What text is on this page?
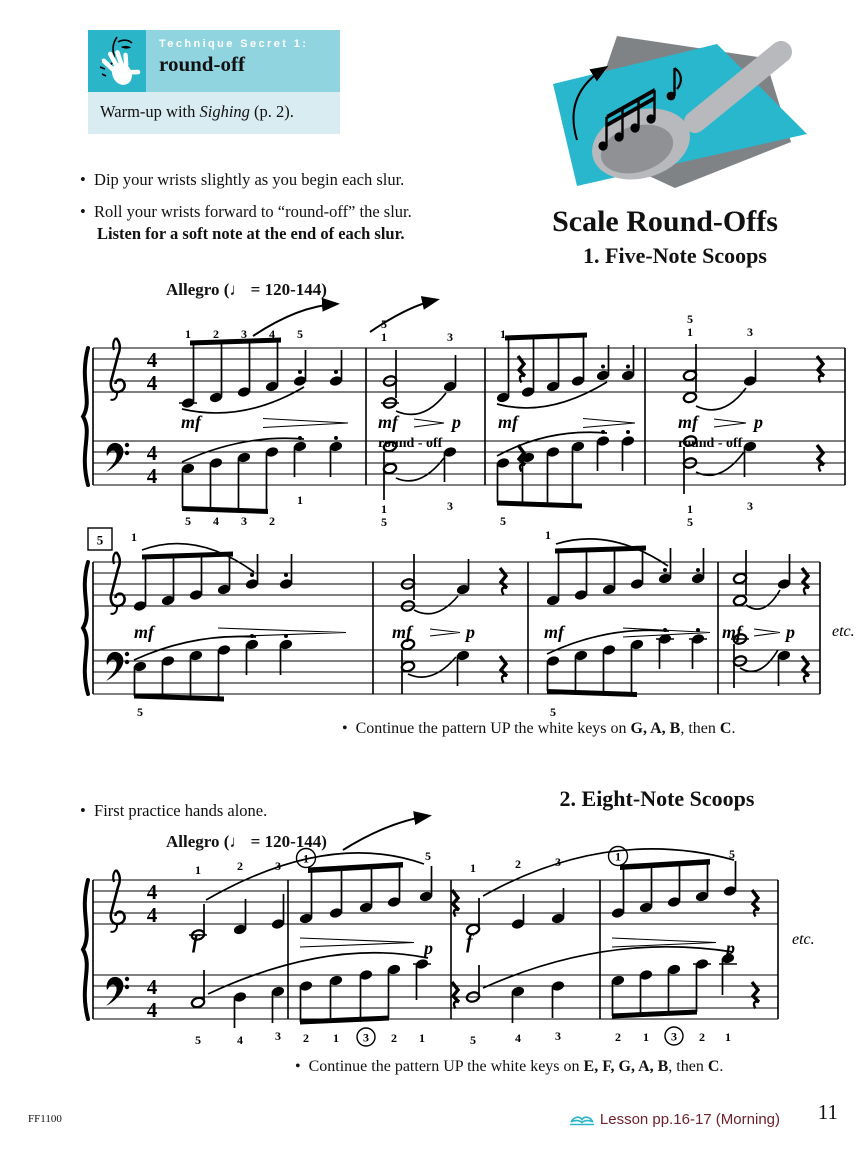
Technique Secret 1:
round-off
Warm-up with Sighing (p. 2).
•  Dip your wrists slightly as you begin each slur.
•  Roll your wrists forward to “round-off” the slur.
Listen for a soft note at the end of each slur.	Scale Round-Offs
1. Five-Note Scoops
Allegro (♩ = 120-144)
4
4
4
4
mf	mf	p mf	mf	p
round - off	round - off
1 2 3 4 5
5
1	3	1
5
1	3
5 4 3 2
1
1
5
3
5
1
5
3
5
mf	mf	p	mf	mf p etc.
1	1
5	5
•  Continue the pattern UP the white keys on G, A, B, then C.
2. Eight-Note Scoops
•  First practice hands alone.
Allegro (♩ = 120-144)
4
4
4
4
f	f
p	p	etc.
1	2	3
1	5
1	2	3	1	5
5	4	3 2 1 3 2 1	5	4	3	2 1 3 2 1
•  Continue the pattern UP the white keys on E, F, G, A, B, then C.
FF1100	Lesson pp.16-17 (Morning) 11
